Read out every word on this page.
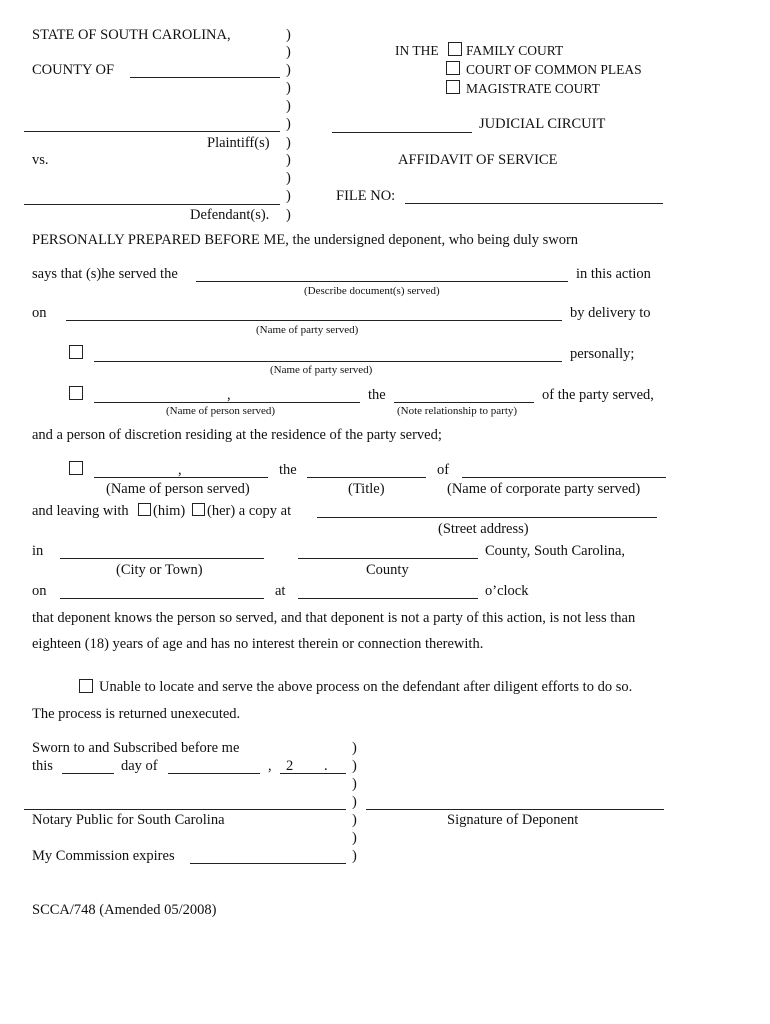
STATE OF SOUTH CAROLINA,
COUNTY OF
Plaintiff(s)
vs.
Defendant(s).
)
)
)
)
)
)
)
)
)
)
)
IN THE FAMILY COURT
COURT OF COMMON PLEAS
MAGISTRATE COURT
JUDICIAL CIRCUIT
AFFIDAVIT OF SERVICE
FILE NO:
PERSONALLY PREPARED BEFORE ME, the undersigned deponent, who being duly sworn
says that (s)he served the	in this action
(Describe document(s) served)
on	by delivery to
(Name of party served)
personally;
(Name of party served)
,	the	of the party served,
(Name of person served)	(Note relationship to party)
and a person of discretion residing at the residence of the party served;
,	the	of
(Name of person served)	(Title)	(Name of corporate party served)
and leaving with (him) (her) a copy at
(Street address)
in	County, South Carolina,
(City or Town)	County
on	at	o’clock
that deponent knows the person so served, and that deponent is not a party of this action, is not less than
eighteen (18) years of age and has no interest therein or connection therewith.
Unable to locate and serve the above process on the defendant after diligent efforts to do so.
The process is returned unexecuted.
Sworn to and Subscribed before me
this	day of	, 2 .
Notary Public for South Carolina
My Commission expires
)
)
)
)
)
)
)
Signature of Deponent
SCCA/748 (Amended 05/2008)
